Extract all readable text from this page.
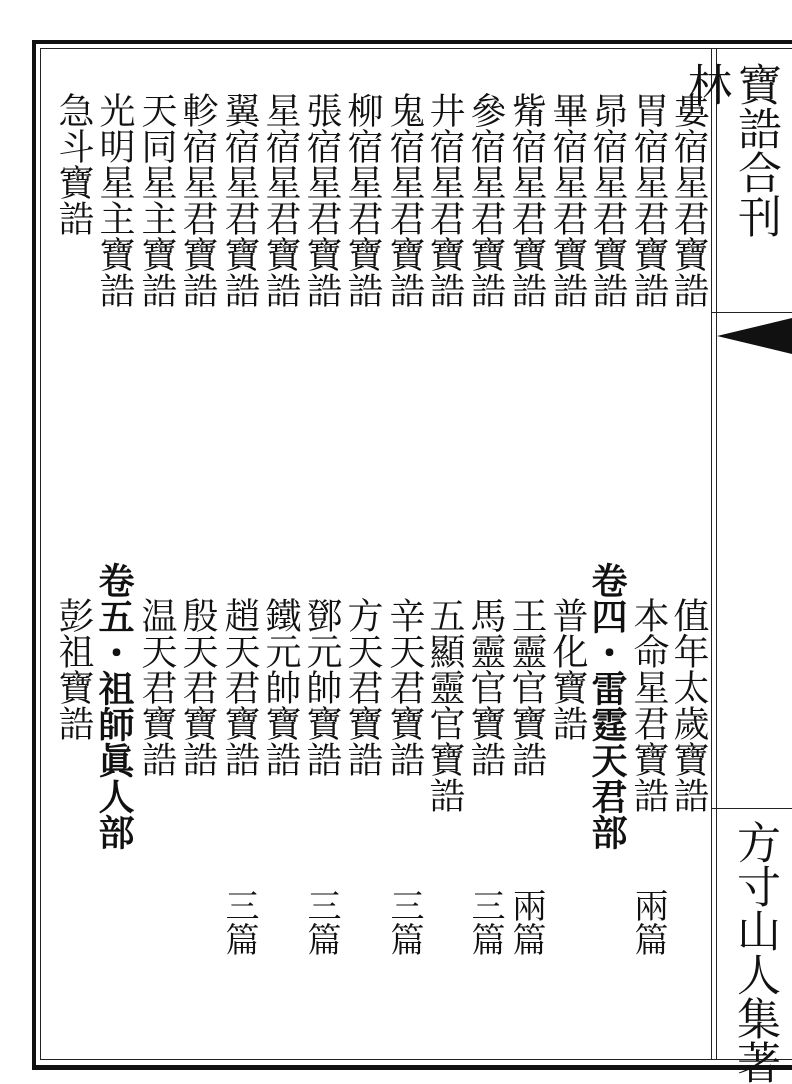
寶誥合刊 林
方寸山人集著
婁宿星君寶誥
胃宿星君寶誥
昴宿星君寶誥
畢宿星君寶誥
觜宿星君寶誥
參宿星君寶誥
井宿星君寶誥
鬼宿星君寶誥
柳宿星君寶誥
張宿星君寶誥
星宿星君寶誥
翼宿星君寶誥
軫宿星君寶誥
天同星主寶誥
光明星主寶誥
急斗寶誥
值年太歲寶誥
本命星君寶誥
卷四・雷霆天君部
普化寶誥
王靈官寶誥
馬靈官寶誥
五顯靈官寶誥
辛天君寶誥
方天君寶誥
鄧元帥寶誥
鐵元帥寶誥
趙天君寶誥
殷天君寶誥
温天君寶誥
卷五・祖師眞人部
彭祖寶誥
兩篇
兩篇
三篇
三篇
三篇
三篇
